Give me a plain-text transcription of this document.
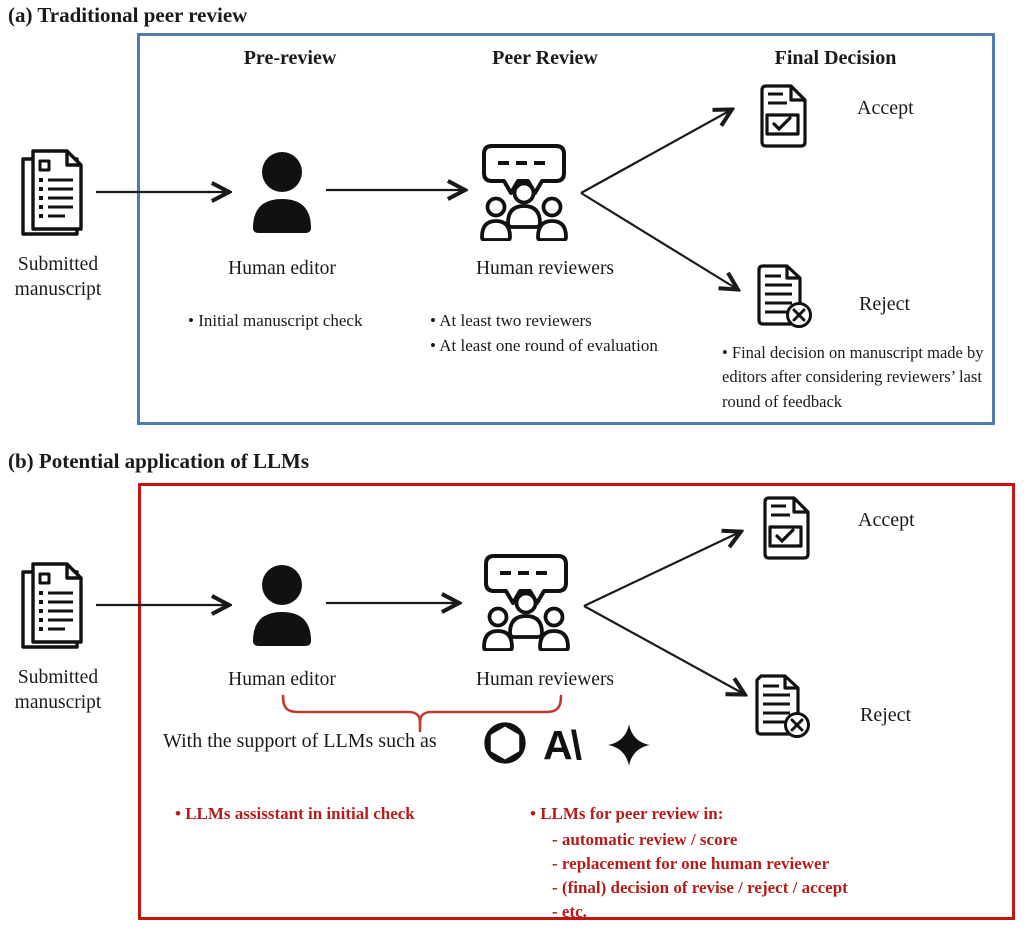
(a) Traditional peer review
Pre-review	Peer Review	Final Decision
Submitted manuscript
Human editor
• Initial manuscript check
Human reviewers
• At least two reviewers
• At least one round of evaluation
Accept
Reject
• Final decision on manuscript made by editors after considering reviewers’ last round of feedback
(b) Potential application of LLMs
Submitted manuscript
Human editor	Human reviewers
With the support of LLMs such as	A\
• LLMs assisstant in initial check	• LLMs for peer review in:
- automatic review / score
- replacement for one human reviewer
- (final) decision of revise / reject / accept
- etc.
Accept
Reject
